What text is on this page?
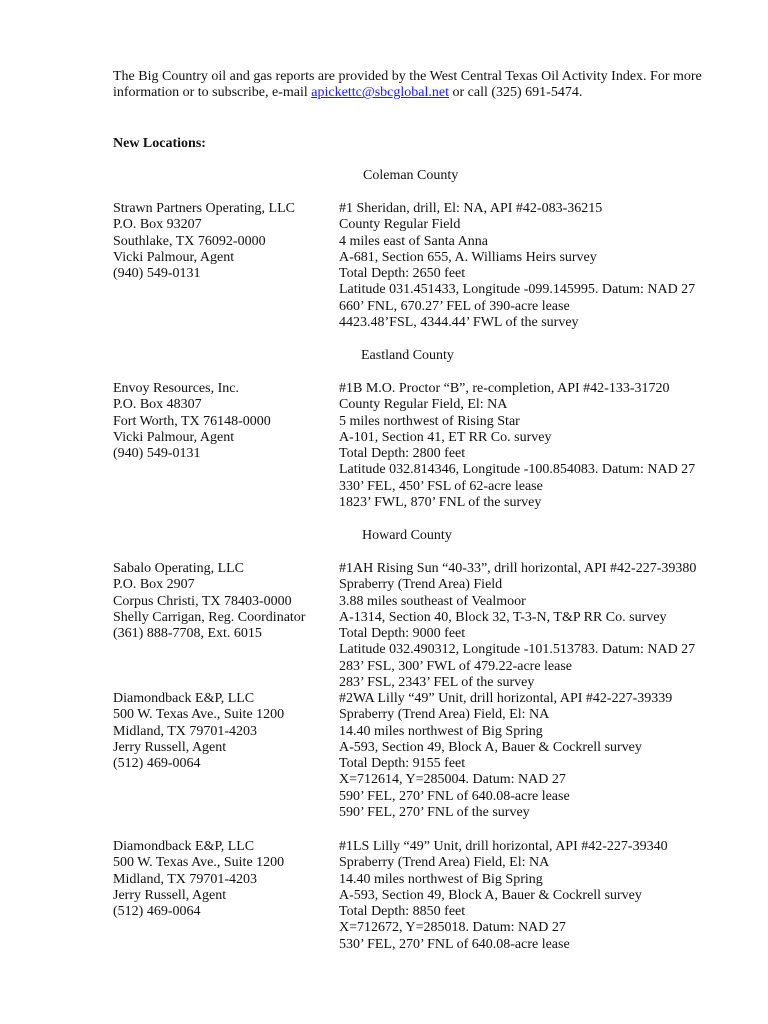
The Big Country oil and gas reports are provided by the West Central Texas Oil Activity Index. For more information or to subscribe, e-mail apickettc@sbcglobal.net or call (325) 691-5474.
New Locations:
Coleman County
Eastland County
Howard County
Strawn Partners Operating, LLC
P.O. Box 93207
Southlake, TX 76092-0000
Vicki Palmour, Agent
(940) 549-0131
#1 Sheridan, drill, El: NA, API #42-083-36215
County Regular Field
4 miles east of Santa Anna
A-681, Section 655, A. Williams Heirs survey
Total Depth: 2650 feet
Latitude 031.451433, Longitude -099.145995. Datum: NAD 27
660’ FNL, 670.27’ FEL of 390-acre lease
4423.48’FSL, 4344.44’ FWL of the survey
Envoy Resources, Inc.
P.O. Box 48307
Fort Worth, TX 76148-0000
Vicki Palmour, Agent
(940) 549-0131
#1B M.O. Proctor “B”, re-completion, API #42-133-31720
County Regular Field, El: NA
5 miles northwest of Rising Star
A-101, Section 41, ET RR Co. survey
Total Depth: 2800 feet
Latitude 032.814346, Longitude -100.854083. Datum: NAD 27
330’ FEL, 450’ FSL of 62-acre lease
1823’ FWL, 870’ FNL of the survey
Sabalo Operating, LLC
P.O. Box 2907
Corpus Christi, TX 78403-0000
Shelly Carrigan, Reg. Coordinator
(361) 888-7708, Ext. 6015
#1AH Rising Sun “40-33”, drill horizontal, API #42-227-39380
Spraberry (Trend Area) Field
3.88 miles southeast of Vealmoor
A-1314, Section 40, Block 32, T-3-N, T&P RR Co. survey
Total Depth: 9000 feet
Latitude 032.490312, Longitude -101.513783. Datum: NAD 27
283’ FSL, 300’ FWL of 479.22-acre lease
283’ FSL, 2343’ FEL of the survey
Diamondback E&P, LLC
500 W. Texas Ave., Suite 1200
Midland, TX 79701-4203
Jerry Russell, Agent
(512) 469-0064
#2WA Lilly “49” Unit, drill horizontal, API #42-227-39339
Spraberry (Trend Area) Field, El: NA
14.40 miles northwest of Big Spring
A-593, Section 49, Block A, Bauer & Cockrell survey
Total Depth: 9155 feet
X=712614, Y=285004. Datum: NAD 27
590’ FEL, 270’ FNL of 640.08-acre lease
590’ FEL, 270’ FNL of the survey
Diamondback E&P, LLC
500 W. Texas Ave., Suite 1200
Midland, TX 79701-4203
Jerry Russell, Agent
(512) 469-0064
#1LS Lilly “49” Unit, drill horizontal, API #42-227-39340
Spraberry (Trend Area) Field, El: NA
14.40 miles northwest of Big Spring
A-593, Section 49, Block A, Bauer & Cockrell survey
Total Depth: 8850 feet
X=712672, Y=285018. Datum: NAD 27
530’ FEL, 270’ FNL of 640.08-acre lease
